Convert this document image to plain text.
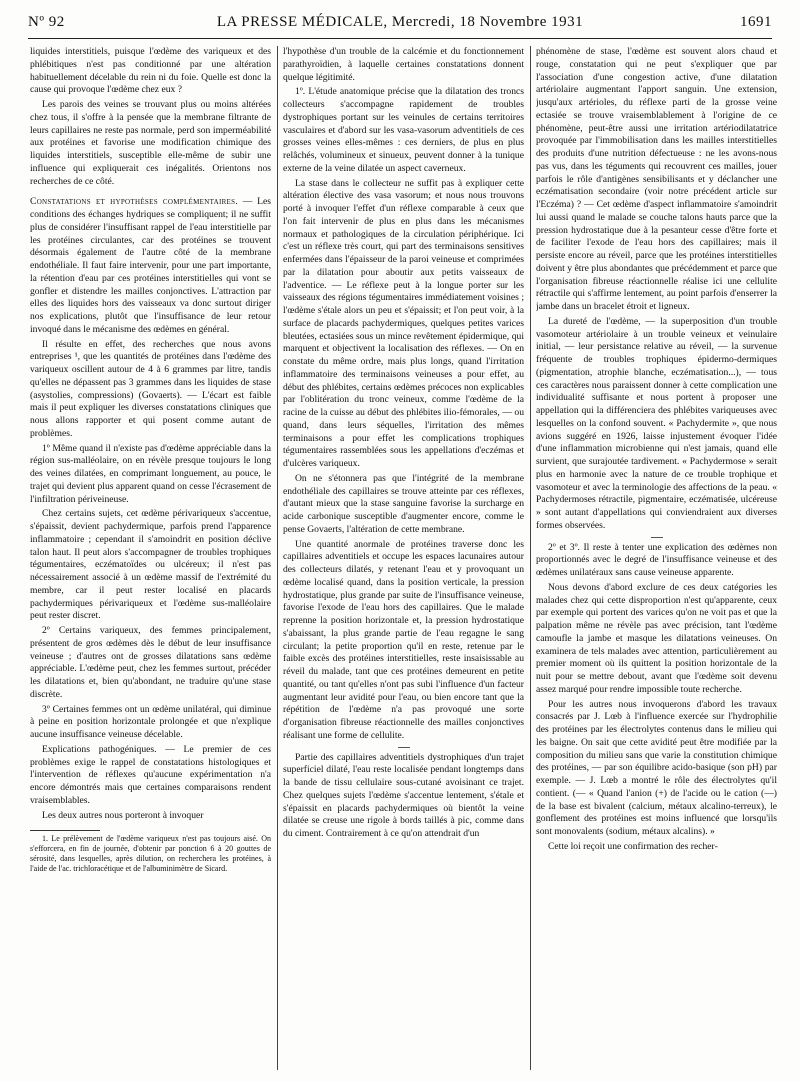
Nº 92	LA PRESSE MÉDICALE, Mercredi, 18 Novembre 1931	1691

liquides interstitiels, puisque l'œdème des variqueux et des phlébitiques n'est pas conditionné par une altération habituellement décelable du rein ni du foie. Quelle est donc la cause qui provoque l'œdème chez eux ?

Les parois des veines se trouvant plus ou moins altérées chez tous, il s'offre à la pensée que la membrane filtrante de leurs capillaires ne reste pas normale, perd son imperméabilité aux protéines et favorise une modification chimique des liquides interstitiels, susceptible elle-même de subir une influence qui expliquerait ces inégalités. Orientons nos recherches de ce côté.

Constatations et hypothèses complémentaires. — Les conditions des échanges hydriques se compliquent; il ne suffit plus de considérer l'insuffisant rappel de l'eau interstitielle par les protéines circulantes, car des protéines se trouvent désormais également de l'autre côté de la membrane endothéliale. Il faut faire intervenir, pour une part importante, la rétention d'eau par ces protéines interstitielles qui vont se gonfler et distendre les mailles conjonctives. L'attraction par elles des liquides hors des vaisseaux va donc surtout diriger nos explications, plutôt que l'insuffisance de leur retour invoqué dans le mécanisme des œdèmes en général.

Il résulte en effet, des recherches que nous avons entreprises ¹, que les quantités de protéines dans l'œdème des variqueux oscillent autour de 4 à 6 grammes par litre, tandis qu'elles ne dépassent pas 3 grammes dans les liquides de stase (asystolies, compressions) (Govaerts). — L'écart est faible mais il peut expliquer les diverses constatations cliniques que nous allons rapporter et qui posent comme autant de problèmes.

1º Même quand il n'existe pas d'œdème appréciable dans la région sus-malléolaire, on en révèle presque toujours le long des veines dilatées, en comprimant longuement, au pouce, le trajet qui devient plus apparent quand on cesse l'écrasement de l'infiltration périveineuse.

Chez certains sujets, cet œdème périvariqueux s'accentue, s'épaissit, devient pachydermique, parfois prend l'apparence inflammatoire ; cependant il s'amoindrit en position déclive talon haut. Il peut alors s'accompagner de troubles trophiques tégumentaires, eczématoïdes ou ulcéreux; il n'est pas nécessairement associé à un œdème massif de l'extrémité du membre, car il peut rester localisé en placards pachydermiques périvariqueux et l'œdème sus-malléolaire peut rester discret.

2º Certains variqueux, des femmes principalement, présentent de gros œdèmes dès le début de leur insuffisance veineuse ; d'autres ont de grosses dilatations sans œdème appréciable. L'œdème peut, chez les femmes surtout, précéder les dilatations et, bien qu'abondant, ne traduire qu'une stase discrète.

3º Certaines femmes ont un œdème unilatéral, qui diminue à peine en position horizontale prolongée et que n'explique aucune insuffisance veineuse décelable.

Explications pathogéniques. — Le premier de ces problèmes exige le rappel de constatations histologiques et l'intervention de réflexes qu'aucune expérimentation n'a encore démontrés mais que certaines comparaisons rendent vraisemblables.

Les deux autres nous porteront à invoquer

1. Le prélèvement de l'œdème variqueux n'est pas toujours aisé. On s'efforcera, en fin de journée, d'obtenir par ponction 6 à 20 gouttes de sérosité, dans lesquelles, après dilution, on recherchera les protéines, à l'aide de l'ac. trichloracétique et de l'albuminimètre de Sicard.

l'hypothèse d'un trouble de la calcémie et du fonctionnement parathyroïdien, à laquelle certaines constatations donnent quelque légitimité.

1º. L'étude anatomique précise que la dilatation des troncs collecteurs s'accompagne rapidement de troubles dystrophiques portant sur les veinules de certains territoires vasculaires et d'abord sur les vasa-vasorum adventitiels de ces grosses veines elles-mêmes : ces derniers, de plus en plus relâchés, volumineux et sinueux, peuvent donner à la tunique externe de la veine dilatée un aspect caverneux.

La stase dans le collecteur ne suffit pas à expliquer cette altération élective des vasa vasorum; et nous nous trouvons porté à invoquer l'effet d'un réflexe comparable à ceux que l'on fait intervenir de plus en plus dans les mécanismes normaux et pathologiques de la circulation périphérique. Ici c'est un réflexe très court, qui part des terminaisons sensitives enfermées dans l'épaisseur de la paroi veineuse et comprimées par la dilatation pour aboutir aux petits vaisseaux de l'adventice. — Le réflexe peut à la longue porter sur les vaisseaux des régions tégumentaires immédiatement voisines ; l'œdème s'étale alors un peu et s'épaissit; et l'on peut voir, à la surface de placards pachydermiques, quelques petites varices bleutées, ectasiées sous un mince revêtement épidermique, qui marquent et objectivent la localisation des réflexes. — On en constate du même ordre, mais plus longs, quand l'irritation inflammatoire des terminaisons veineuses a pour effet, au début des phlébites, certains œdèmes précoces non explicables par l'oblitération du tronc veineux, comme l'œdème de la racine de la cuisse au début des phlébites ilio-fémorales, — ou quand, dans leurs séquelles, l'irritation des mêmes terminaisons a pour effet les complications trophiques tégumentaires rassemblées sous les appellations d'eczémas et d'ulcères variqueux.

On ne s'étonnera pas que l'intégrité de la membrane endothéliale des capillaires se trouve atteinte par ces réflexes, d'autant mieux que la stase sanguine favorise la surcharge en acide carbonique susceptible d'augmenter encore, comme le pense Govaerts, l'altération de cette membrane.

Une quantité anormale de protéines traverse donc les capillaires adventitiels et occupe les espaces lacunaires autour des collecteurs dilatés, y retenant l'eau et y provoquant un œdème localisé quand, dans la position verticale, la pression hydrostatique, plus grande par suite de l'insuffisance veineuse, favorise l'exode de l'eau hors des capillaires. Que le malade reprenne la position horizontale et, la pression hydrostatique s'abaissant, la plus grande partie de l'eau regagne le sang circulant; la petite proportion qu'il en reste, retenue par le faible excès des protéines interstitielles, reste insaisissable au réveil du malade, tant que ces protéines demeurent en petite quantité, ou tant qu'elles n'ont pas subi l'influence d'un facteur augmentant leur avidité pour l'eau, ou bien encore tant que la répétition de l'œdème n'a pas provoqué une sorte d'organisation fibreuse réactionnelle des mailles conjonctives réalisant une forme de cellulite.

Partie des capillaires adventitiels dystrophiques d'un trajet superficiel dilaté, l'eau reste localisée pendant longtemps dans la bande de tissu cellulaire sous-cutané avoisinant ce trajet. Chez quelques sujets l'œdème s'accentue lentement, s'étale et s'épaissit en placards pachydermiques où bientôt la veine dilatée se creuse une rigole à bords taillés à pic, comme dans du ciment. Contrairement à ce qu'on attendrait d'un

phénomène de stase, l'œdème est souvent alors chaud et rouge, constatation qui ne peut s'expliquer que par l'association d'une congestion active, d'une dilatation artériolaire augmentant l'apport sanguin. Une extension, jusqu'aux artérioles, du réflexe parti de la grosse veine ectasiée se trouve vraisemblablement à l'origine de ce phénomène, peut-être aussi une irritation artériodilatatrice provoquée par l'immobilisation dans les mailles interstitielles des produits d'une nutrition défectueuse : ne les avons-nous pas vus, dans les téguments qui recouvrent ces mailles, jouer parfois le rôle d'antigènes sensibilisants et y déclancher une eczématisation secondaire (voir notre précédent article sur l'Eczéma) ? — Cet œdème d'aspect inflammatoire s'amoindrit lui aussi quand le malade se couche talons hauts parce que la pression hydrostatique due à la pesanteur cesse d'être forte et de faciliter l'exode de l'eau hors des capillaires; mais il persiste encore au réveil, parce que les protéines interstitielles doivent y être plus abondantes que précédemment et parce que l'organisation fibreuse réactionnelle réalise ici une cellulite rétractile qui s'affirme lentement, au point parfois d'enserrer la jambe dans un bracelet étroit et ligneux.

La dureté de l'œdème, — la superposition d'un trouble vasomoteur artériolaire à un trouble veineux et veinulaire initial, — leur persistance relative au réveil, — la survenue fréquente de troubles trophiques épidermo-dermiques (pigmentation, atrophie blanche, eczématisation...), — tous ces caractères nous paraissent donner à cette complication une individualité suffisante et nous portent à proposer une appellation qui la différenciera des phlébites variqueuses avec lesquelles on la confond souvent. « Pachydermite », que nous avions suggéré en 1926, laisse injustement évoquer l'idée d'une inflammation microbienne qui n'est jamais, quand elle survient, que surajoutée tardivement. « Pachydermose » serait plus en harmonie avec la nature de ce trouble trophique et vasomoteur et avec la terminologie des affections de la peau. « Pachydermoses rétractile, pigmentaire, eczématisée, ulcéreuse » sont autant d'appellations qui conviendraient aux diverses formes observées.

2º et 3º. Il reste à tenter une explication des œdèmes non proportionnés avec le degré de l'insuffisance veineuse et des œdèmes unilatéraux sans cause veineuse apparente.

Nous devons d'abord exclure de ces deux catégories les malades chez qui cette disproportion n'est qu'apparente, ceux par exemple qui portent des varices qu'on ne voit pas et que la palpation même ne révèle pas avec précision, tant l'œdème camoufle la jambe et masque les dilatations veineuses. On examinera de tels malades avec attention, particulièrement au premier moment où ils quittent la position horizontale de la nuit pour se mettre debout, avant que l'œdème soit devenu assez marqué pour rendre impossible toute recherche.

Pour les autres nous invoquerons d'abord les travaux consacrés par J. Lœb à l'influence exercée sur l'hydrophilie des protéines par les électrolytes contenus dans le milieu qui les baigne. On sait que cette avidité peut être modifiée par la composition du milieu sans que varie la constitution chimique des protéines, — par son équilibre acido-basique (son pH) par exemple. — J. Lœb a montré le rôle des électrolytes qu'il contient. (— « Quand l'anion (+) de l'acide ou le cation (—) de la base est bivalent (calcium, métaux alcalino-terreux), le gonflement des protéines est moins influencé que lorsqu'ils sont monovalents (sodium, métaux alcalins). »

Cette loi reçoit une confirmation des recher-
